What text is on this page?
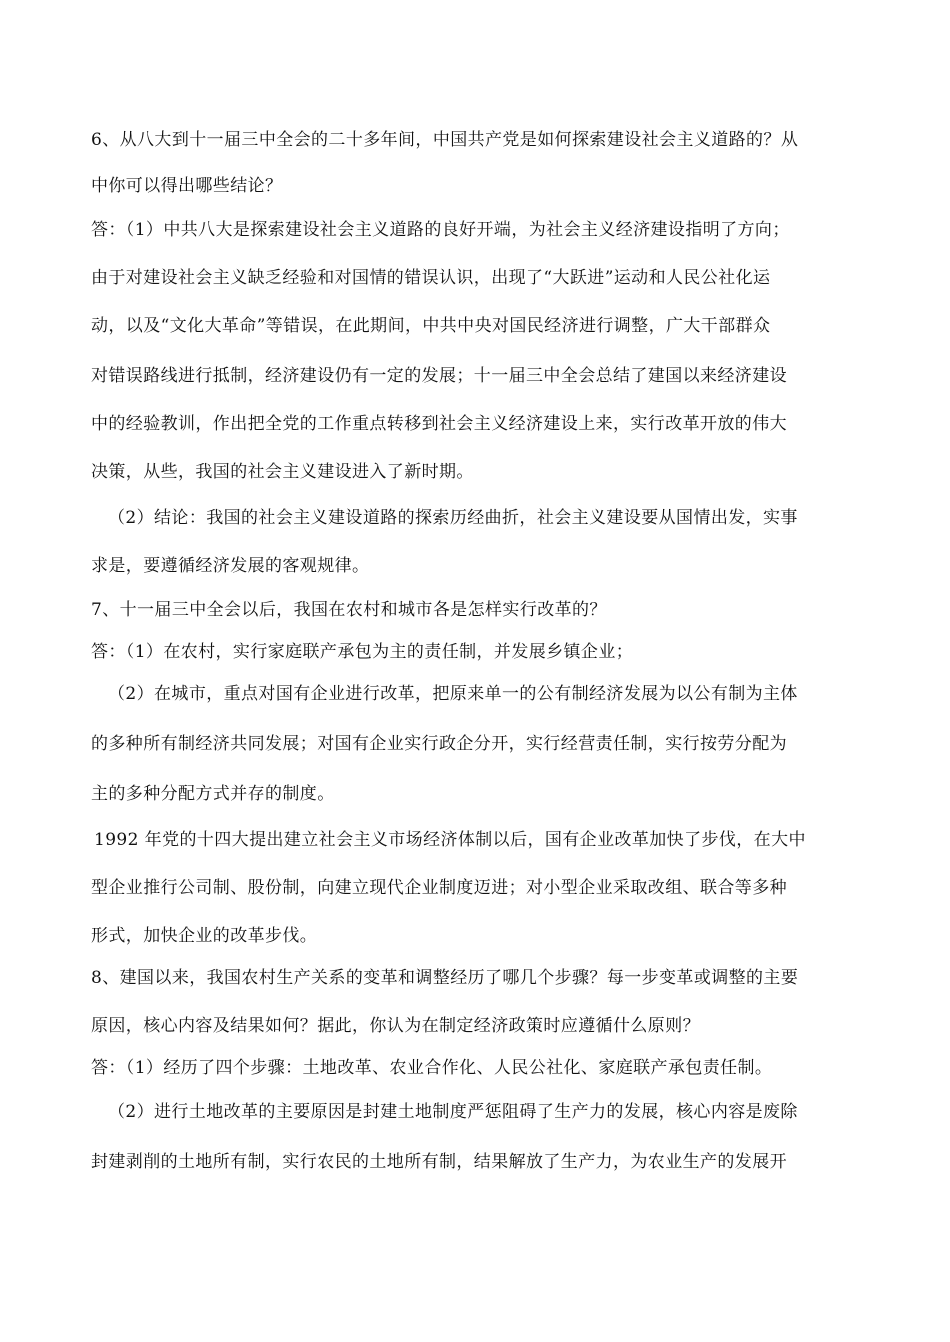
6、从八大到十一届三中全会的二十多年间，中国共产党是如何探索建设社会主义道路的？从
中你可以得出哪些结论？
答：（1）中共八大是探索建设社会主义道路的良好开端，为社会主义经济建设指明了方向；
由于对建设社会主义缺乏经验和对国情的错误认识，出现了“大跃进”运动和人民公社化运
动，以及“文化大革命”等错误，在此期间，中共中央对国民经济进行调整，广大干部群众
对错误路线进行抵制，经济建设仍有一定的发展；十一届三中全会总结了建国以来经济建设
中的经验教训，作出把全党的工作重点转移到社会主义经济建设上来，实行改革开放的伟大
决策，从些，我国的社会主义建设进入了新时期。
（2）结论：我国的社会主义建设道路的探索历经曲折，社会主义建设要从国情出发，实事
求是，要遵循经济发展的客观规律。
7、十一届三中全会以后，我国在农村和城市各是怎样实行改革的？
答：（1）在农村，实行家庭联产承包为主的责任制，并发展乡镇企业；
（2）在城市，重点对国有企业进行改革，把原来单一的公有制经济发展为以公有制为主体
的多种所有制经济共同发展；对国有企业实行政企分开，实行经营责任制，实行按劳分配为
主的多种分配方式并存的制度。
1992 年党的十四大提出建立社会主义市场经济体制以后，国有企业改革加快了步伐，在大中
型企业推行公司制、股份制，向建立现代企业制度迈进；对小型企业采取改组、联合等多种
形式，加快企业的改革步伐。
8、建国以来，我国农村生产关系的变革和调整经历了哪几个步骤？每一步变革或调整的主要
原因，核心内容及结果如何？据此，你认为在制定经济政策时应遵循什么原则？
答：（1）经历了四个步骤：土地改革、农业合作化、人民公社化、家庭联产承包责任制。
（2）进行土地改革的主要原因是封建土地制度严惩阻碍了生产力的发展，核心内容是废除
封建剥削的土地所有制，实行农民的土地所有制，结果解放了生产力，为农业生产的发展开
